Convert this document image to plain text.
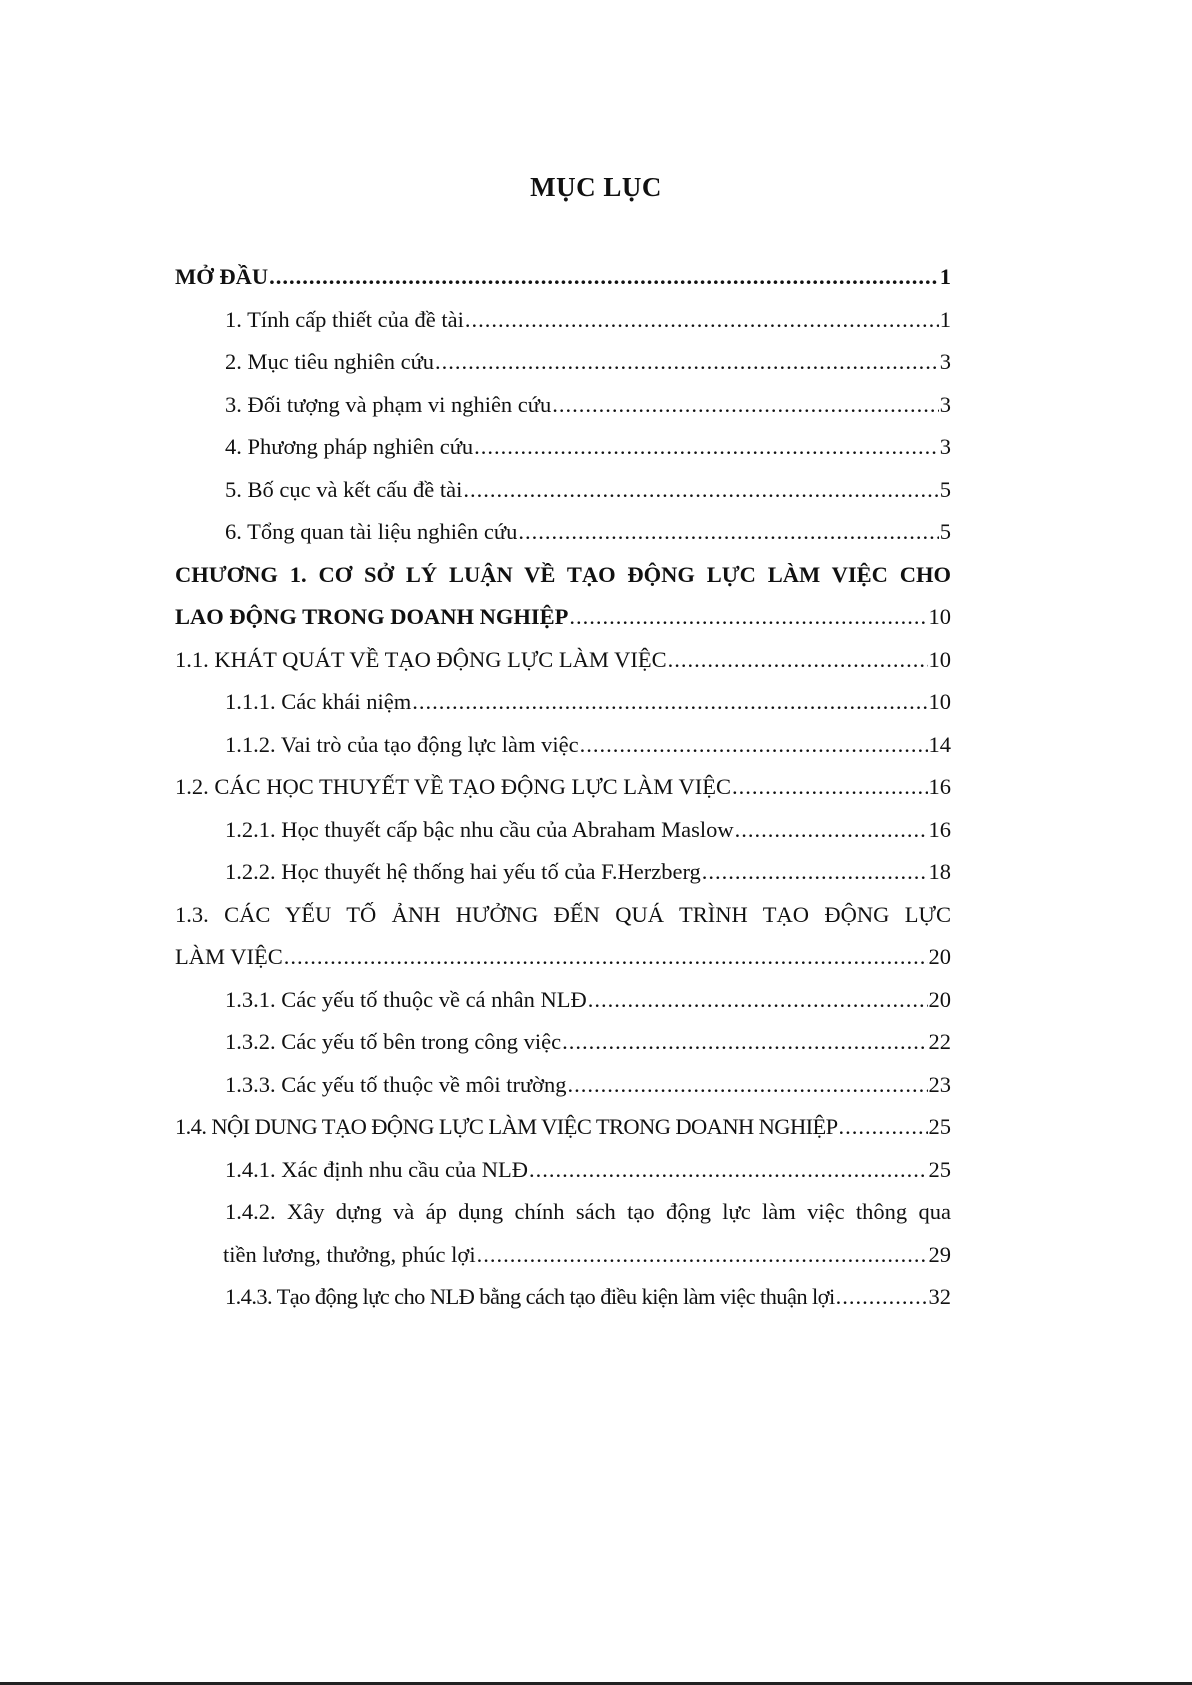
MỤC LỤC
MỞ ĐẦU .....	1
1. Tính cấp thiết của đề tài .....	1
2. Mục tiêu nghiên cứu .....	3
3. Đối tượng và phạm vi nghiên cứu .....	3
4. Phương pháp nghiên cứu .....	3
5. Bố cục và kết cấu đề tài .....	5
6. Tổng quan tài liệu nghiên cứu .....	5
CHƯƠNG 1. CƠ SỞ LÝ LUẬN VỀ TẠO ĐỘNG LỰC LÀM VIỆC CHO
LAO ĐỘNG TRONG DOANH NGHIỆP .....	10
1.1. KHÁT QUÁT VỀ TẠO ĐỘNG LỰC LÀM VIỆC .....	10
1.1.1. Các khái niệm .....	10
1.1.2. Vai trò của tạo động lực làm việc .....	14
1.2. CÁC HỌC THUYẾT VỀ TẠO ĐỘNG LỰC LÀM VIỆC .....	16
1.2.1. Học thuyết cấp bậc nhu cầu của Abraham Maslow .....	16
1.2.2. Học thuyết hệ thống hai yếu tố của F.Herzberg .....	18
1.3. CÁC YẾU TỐ ẢNH HƯỞNG ĐẾN QUÁ TRÌNH TẠO ĐỘNG LỰC
LÀM VIỆC .....	20
1.3.1. Các yếu tố thuộc về cá nhân NLĐ .....	20
1.3.2. Các yếu tố bên trong công việc .....	22
1.3.3. Các yếu tố thuộc về môi trường .....	23
1.4. NỘI DUNG TẠO ĐỘNG LỰC LÀM VIỆC TRONG DOANH NGHIỆP .....	25
1.4.1. Xác định nhu cầu của NLĐ .....	25
1.4.2. Xây dựng và áp dụng chính sách tạo động lực làm việc thông qua
tiền lương, thưởng, phúc lợi .....	29
1.4.3. Tạo động lực cho NLĐ bằng cách tạo điều kiện làm việc thuận lợi .....	32
